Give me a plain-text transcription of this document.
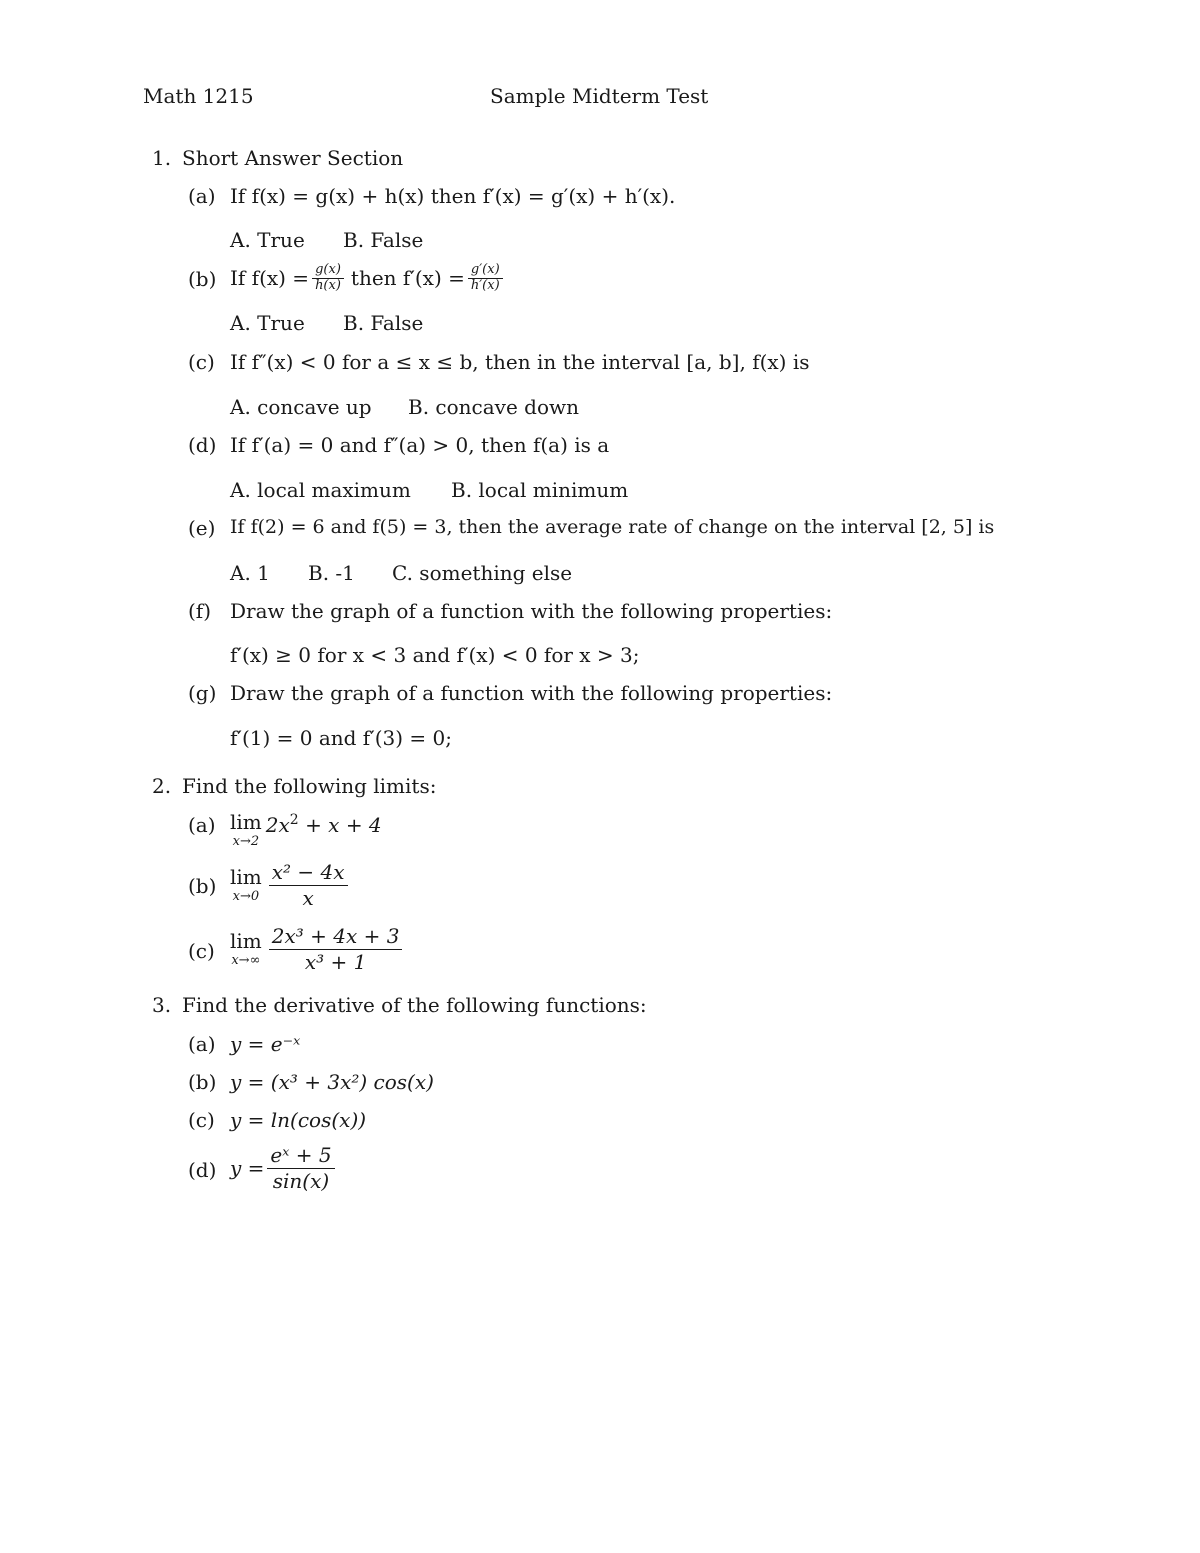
Math 1215	Sample Midterm Test
1. Short Answer Section
(a) If f(x) = g(x) + h(x) then f′(x) = g′(x) + h′(x).
A. True B. False
(b) If $f(x) = \frac{g(x)}{h(x)}$ then $f'(x) = \frac{g'(x)}{h'(x)}$
A. True B. False
(c) If f″(x) < 0 for a ≤ x ≤ b, then in the interval [a, b], f(x) is
A. concave up B. concave down
(d) If f′(a) = 0 and f″(a) > 0, then f(a) is a
A. local maximum B. local minimum
(e) If f(2) = 6 and f(5) = 3, then the average rate of change on the interval [2, 5] is
A. 1 B. -1 C. something else
(f) Draw the graph of a function with the following properties:
f′(x) ≥ 0 for x < 3 and f′(x) < 0 for x > 3;
(g) Draw the graph of a function with the following properties:
f′(1) = 0 and f′(3) = 0;
2. Find the following limits:
(a) lim
x→2
$2x^2 + x + 4$
(b) lim
$x\to 0 \frac{\text{x² − 4x}}{x}$
(c) lim
$x\to\infty \frac{\text{2x³ + 4x + 3}}{\text{x³ + 1}}$
3. Find the derivative of the following functions:
(a) y = e⁻ˣ
(b) y = (x³ + 3x²) cos(x)
(c) y = ln(cos(x))
(d) $y = \frac{\text{eˣ + 5}}{\sin(x)}$
